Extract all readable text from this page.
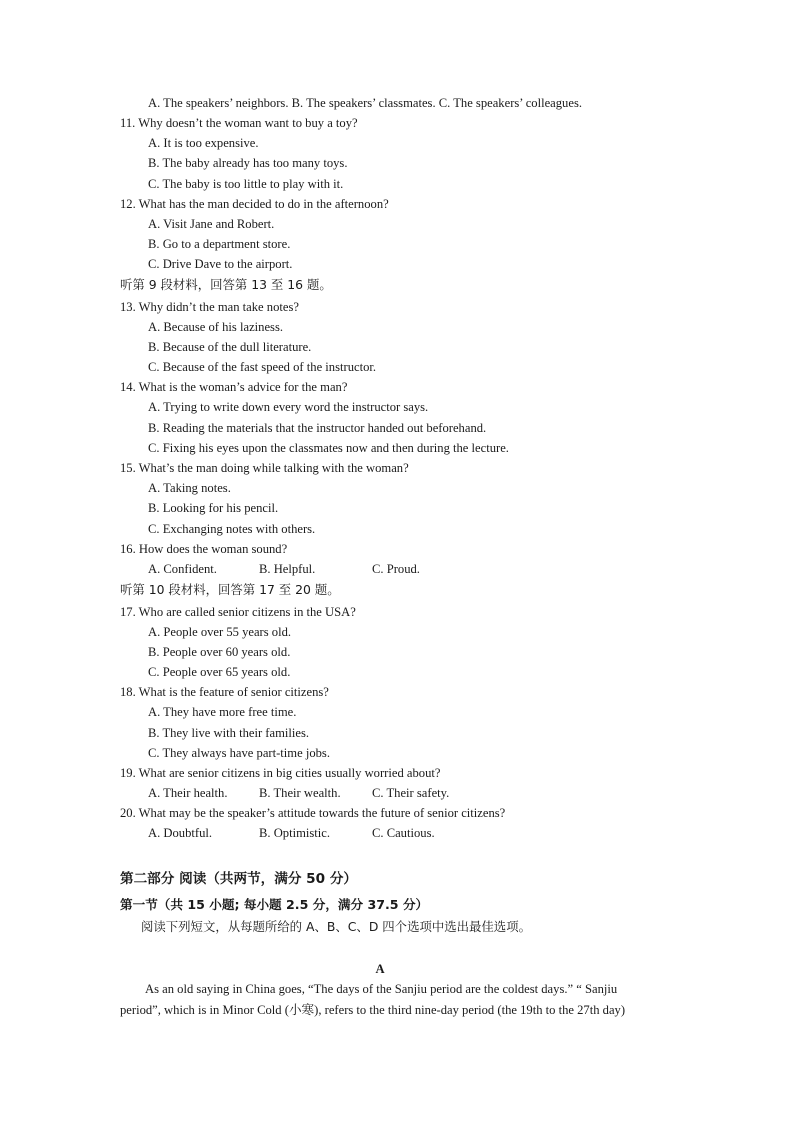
A. The speakers’ neighbors. B. The speakers’ classmates. C. The speakers’ colleagues.
11. Why doesn’t the woman want to buy a toy?
A. It is too expensive.
B. The baby already has too many toys.
C. The baby is too little to play with it.
12. What has the man decided to do in the afternoon?
A. Visit Jane and Robert.
B. Go to a department store.
C. Drive Dave to the airport.
听第 9 段材料，回答第 13 至 16 题。
13. Why didn’t the man take notes?
A. Because of his laziness.
B. Because of the dull literature.
C. Because of the fast speed of the instructor.
14. What is the woman’s advice for the man?
A. Trying to write down every word the instructor says.
B. Reading the materials that the instructor handed out beforehand.
C. Fixing his eyes upon the classmates now and then during the lecture.
15. What’s the man doing while talking with the woman?
A. Taking notes.
B. Looking for his pencil.
C. Exchanging notes with others.
16. How does the woman sound?
A. Confident.	B. Helpful.	C. Proud.
听第 10 段材料，回答第 17 至 20 题。
17. Who are called senior citizens in the USA?
A. People over 55 years old.
B. People over 60 years old.
C. People over 65 years old.
18. What is the feature of senior citizens?
A. They have more free time.
B. They live with their families.
C. They always have part-time jobs.
19. What are senior citizens in big cities usually worried about?
A. Their health. B. Their wealth. C. Their safety.
20. What may be the speaker’s attitude towards the future of senior citizens?
A. Doubtful.	B. Optimistic.	C. Cautious.
第二部分 阅读（共两节，满分 50 分）
第一节（共 15 小题; 每小题 2.5 分，满分 37.5 分）
阅读下列短文，从每题所给的 A、B、C、D 四个选项中选出最佳选项。
A
As an old saying in China goes, “The days of the Sanjiu period are the coldest days.” “ Sanjiu
period”, which is in Minor Cold (小寒), refers to the third nine-day period (the 19th to the 27th day)
